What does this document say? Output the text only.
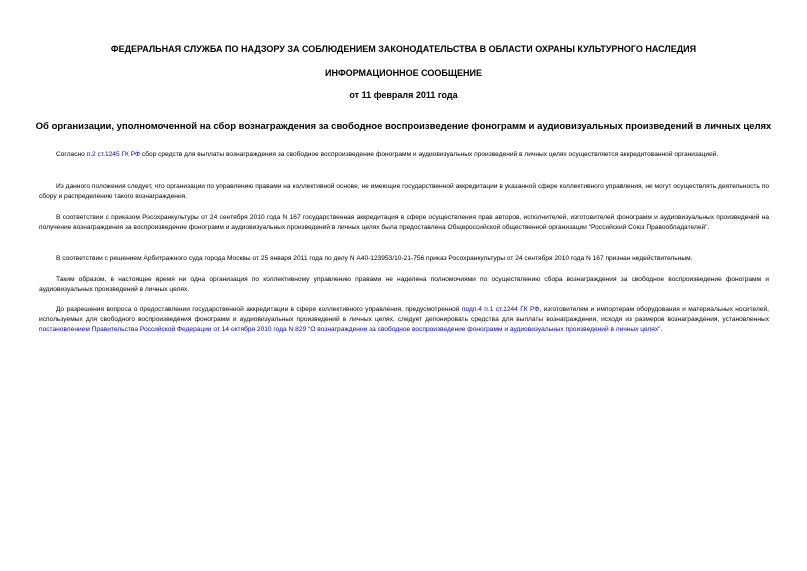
ФЕДЕРАЛЬНАЯ СЛУЖБА ПО НАДЗОРУ ЗА СОБЛЮДЕНИЕМ ЗАКОНОДАТЕЛЬСТВА В ОБЛАСТИ ОХРАНЫ КУЛЬТУРНОГО НАСЛЕДИЯ
ИНФОРМАЦИОННОЕ СООБЩЕНИЕ
от 11 февраля 2011 года
Об организации, уполномоченной на сбор вознаграждения за свободное воспроизведение фонограмм и аудиовизуальных произведений в личных целях
Согласно п.2 ст.1245 ГК РФ сбор средств для выплаты вознаграждения за свободное воспроизведение фонограмм и аудиовизуальных произведений в личных целях осуществляется аккредитованной организацией.
Из данного положения следует, что организации по управлению правами на коллективной основе, не имеющие государственной аккредитации в указанной сфере коллективного управления, не могут осуществлять деятельность по сбору и распределению такого вознаграждения.
В соответствии с приказом Росохранкультуры от 24 сентября 2010 года N 167 государственная аккредитация в сфере осуществления прав авторов, исполнителей, изготовителей фонограмм и аудиовизуальных произведений на получение вознаграждения за воспроизведение фонограмм и аудиовизуальных произведений в личных целях была предоставлена Общероссийской общественной организации "Российский Союз Правообладателей".
В соответствии с решением Арбитражного суда города Москвы от 25 января 2011 года по делу N А40-123953/10-21-756 приказ Росохранкультуры от 24 сентября 2010 года N 167 признан недействительным.
Таким образом, в настоящее время ни одна организация по коллективному управлению правами не наделена полномочиями по осуществлению сбора вознаграждения за свободное воспроизведение фонограмм и аудиовизуальных произведений в личных целях.
До разрешения вопроса о предоставлении государственной аккредитации в сфере коллективного управления, предусмотренной подп.4 п.1 ст.1244 ГК РФ, изготовителям и импортерам оборудования и материальных носителей, используемых для свободного воспроизведения фонограмм и аудиовизуальных произведений в личных целях, следует депонировать средства для выплаты вознаграждения, исходя из размеров вознаграждения, установленных постановлением Правительства Российской Федерации от 14 октября 2010 года N 829 "О вознаграждении за свободное воспроизведение фонограмм и аудиовизуальных произведений в личных целях".
